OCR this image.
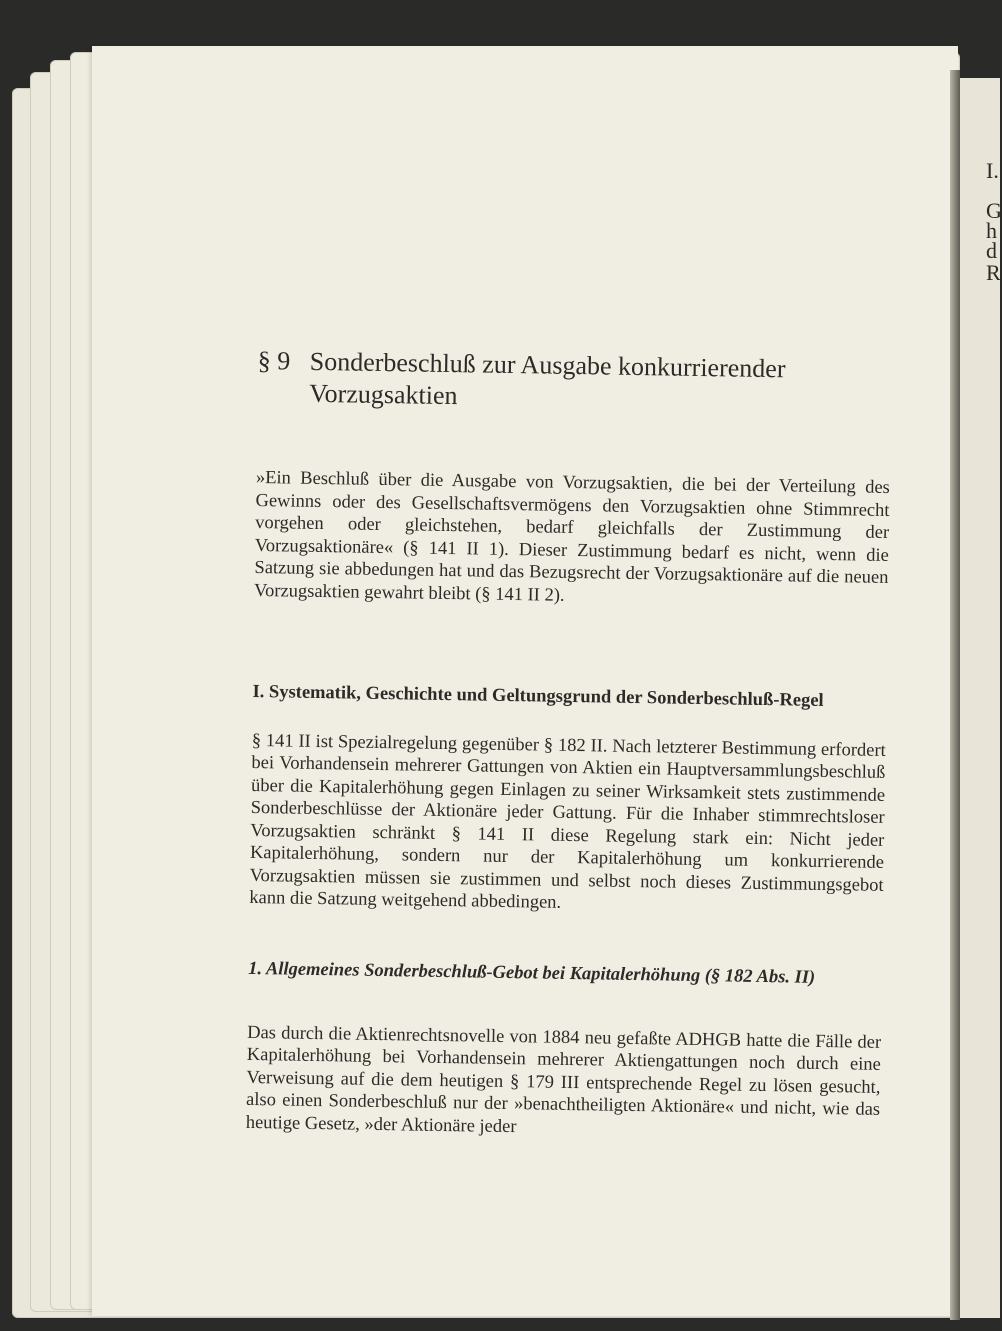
I.
G
h
d
R
§ 9 Sonderbeschluß zur Ausgabe konkurrierender
Vorzugsaktien

»Ein Beschluß über die Ausgabe von Vorzugsaktien, die bei der Verteilung des Gewinns oder des Gesellschaftsvermögens den Vorzugsaktien ohne Stimmrecht vorgehen oder gleichstehen, bedarf gleichfalls der Zustimmung der Vorzugsaktionäre« (§ 141 II 1). Dieser Zustimmung bedarf es nicht, wenn die Satzung sie abbedungen hat und das Bezugsrecht der Vorzugsaktionäre auf die neuen Vorzugsaktien gewahrt bleibt (§ 141 II 2).

I. Systematik, Geschichte und Geltungsgrund der Sonderbeschluß-Regel

§ 141 II ist Spezialregelung gegenüber § 182 II. Nach letzterer Bestimmung erfordert bei Vorhandensein mehrerer Gattungen von Aktien ein Hauptversammlungsbeschluß über die Kapitalerhöhung gegen Einlagen zu seiner Wirksamkeit stets zustimmende Sonderbeschlüsse der Aktionäre jeder Gattung. Für die Inhaber stimmrechtsloser Vorzugsaktien schränkt § 141 II diese Regelung stark ein: Nicht jeder Kapitalerhöhung, sondern nur der Kapitalerhöhung um konkurrierende Vorzugsaktien müssen sie zustimmen und selbst noch dieses Zustimmungsgebot kann die Satzung weitgehend abbedingen.

1. Allgemeines Sonderbeschluß-Gebot bei Kapitalerhöhung (§ 182 Abs. II)

Das durch die Aktienrechtsnovelle von 1884 neu gefaßte ADHGB hatte die Fälle der Kapitalerhöhung bei Vorhandensein mehrerer Aktiengattungen noch durch eine Verweisung auf die dem heutigen § 179 III entsprechende Regel zu lösen gesucht, also einen Sonderbeschluß nur der »benachtheiligten Aktionäre« und nicht, wie das heutige Gesetz, »der Aktionäre jeder
